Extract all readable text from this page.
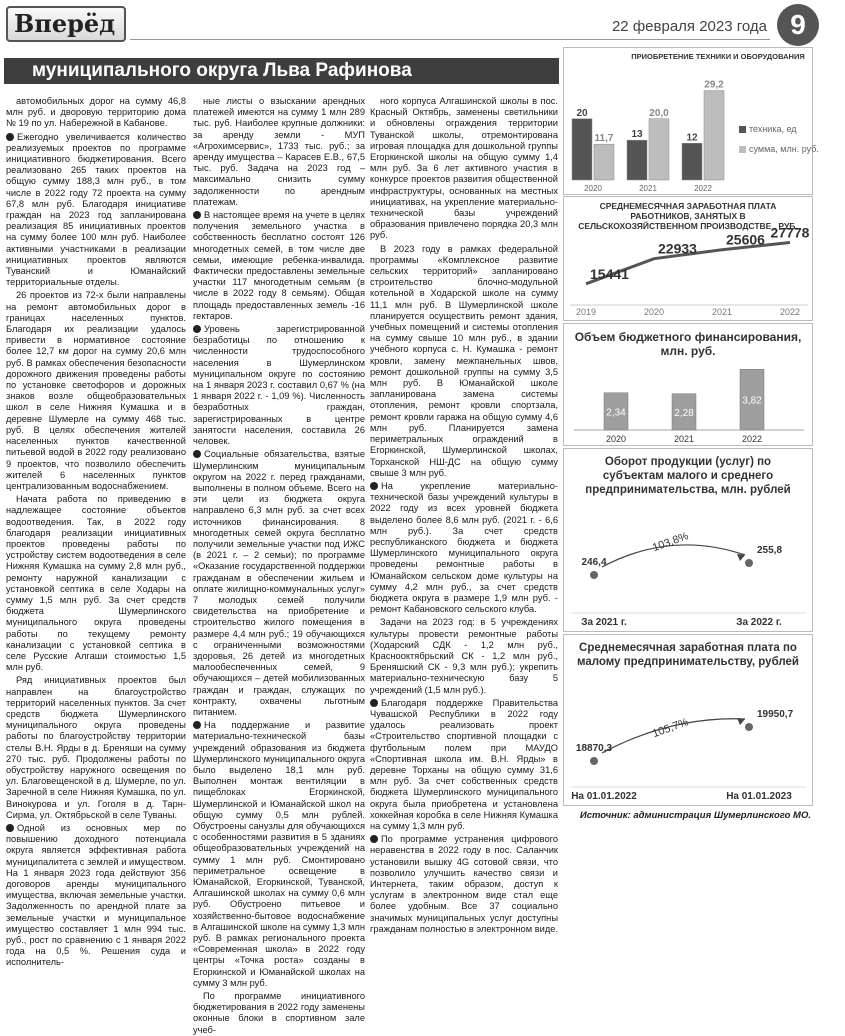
Вперёд	22 февраля 2023 года 9
муниципального округа Льва Рафинова

автомобильных дорог на сумму 46,8 млн руб. и дворовую территорию дома № 19 по ул. Набережной в Кабанове.

Ежегодно увеличивается количество реализуемых проектов по программе инициативного бюджетирования. Всего реализовано 265 таких проектов на общую сумму 188,3 млн руб., в том числе в 2022 году 72 проекта на сумму 67,8 млн руб. Благодаря инициативе граждан на 2023 год запланирована реализация 85 инициативных проектов на сумму более 100 млн руб. Наиболее активными участниками в реализации инициативных проектов являются Туванский и Юманайский территориальные отделы.

26 проектов из 72-х были направлены на ремонт автомобильных дорог в границах населенных пунктов. Благодаря их реализации удалось привести в нормативное состояние более 12,7 км дорог на сумму 20,6 млн руб. В рамках обеспечения безопасности дорожного движения проведены работы по установке светофоров и дорожных знаков возле общеобразовательных школ в селе Нижняя Кумашка и в деревне Шумерле на сумму 468 тыс. руб. В целях обеспечения жителей населенных пунктов качественной питьевой водой в 2022 году реализовано 9 проектов, что позволило обеспечить жителей 6 населенных пунктов централизованным водоснабжением.

Начата работа по приведению в надлежащее состояние объектов водоотведения. Так, в 2022 году благодаря реализации инициативных проектов проведены работы по устройству систем водоотведения в селе Нижняя Кумашка на сумму 2,8 млн руб., ремонту наружной канализации с установкой септика в селе Ходары на сумму 1,5 млн руб. За счет средств бюджета Шумерлинского муниципального округа проведены работы по текущему ремонту канализации с установкой септика в селе Русские Алгаши стоимостью 1,5 млн руб.

Ряд инициативных проектов был направлен на благоустройство территорий населенных пунктов. За счет средств бюджета Шумерлинского муниципального округа проведены работы по благоустройству территории стелы В.Н. Ярды в д. Бреняши на сумму 270 тыс. руб. Продолжены работы по обустройству наружного освещения по ул. Благовещенской в д. Шумерле, по ул. Заречной в селе Нижняя Кумашка, по ул. Винокурова и ул. Гоголя в д. Тарн-Сирма, ул. Октябрьской в селе Туваны.

Одной из основных мер по повышению доходного потенциала округа является эффективная работа муниципалитета с землей и имуществом. На 1 января 2023 года действуют 356 договоров аренды муниципального имущества, включая земельные участки. Задолженность по арендной плате за земельные участки и муниципальное имущество составляет 1 млн 994 тыс. руб., рост по сравнению с 1 января 2022 года на 0,5 %. Решения суда и исполнитель-

ные листы о взыскании арендных платежей имеются на сумму 1 млн 289 тыс. руб. Наиболее крупные должники: за аренду земли - МУП «Агрохимсервис», 1733 тыс. руб.; за аренду имущества – Карасев Е.В., 67,5 тыс. руб. Задача на 2023 год – максимально снизить сумму задолженности по арендным платежам.

В настоящее время на учете в целях получения земельного участка в собственность бесплатно состоят 126 многодетных семей, в том числе две семьи, имеющие ребенка-инвалида. Фактически предоставлены земельные участки 117 многодетным семьям (в числе в 2022 году 8 семьям). Общая площадь предоставленных земель -16 гектаров.

Уровень зарегистрированной безработицы по отношению к численности трудоспособного населения в Шумерлинском муниципальном округе по состоянию на 1 января 2023 г. составил 0,67 % (на 1 января 2022 г. - 1,09 %). Численность безработных граждан, зарегистрированных в центре занятости населения, составила 26 человек.

Социальные обязательства, взятые Шумерлинским муниципальным округом на 2022 г. перед гражданами, выполнены в полном объеме. Всего на эти цели из бюджета округа направлено 6,3 млн руб. за счет всех источников финансирования. 8 многодетных семей округа бесплатно получили земельные участки под ИЖС (в 2021 г. – 2 семьи); по программе «Оказание государственной поддержки гражданам в обеспечении жильем и оплате жилищно-коммунальных услуг» 7 молодых семей получили свидетельства на приобретение и строительство жилого помещения в размере 4,4 млн руб.; 19 обучающихся с ограниченными возможностями здоровья, 26 детей из многодетных малообеспеченных семей, 9 обучающихся – детей мобилизованных граждан и граждан, служащих по контракту, охвачены льготным питанием.

На поддержание и развитие материально-технической базы учреждений образования из бюджета Шумерлинского муниципального округа было выделено 18,1 млн руб. Выполнен монтаж вентиляции в пищеблоках Егоркинской, Шумерлинской и Юманайской школ на общую сумму 0,5 млн рублей. Обустроены санузлы для обучающихся с особенностями развития в 5 зданиях общеобразовательных учреждений на сумму 1 млн руб. Смонтировано периметральное освещение в Юманайской, Егоркинской, Туванской, Алгашинской школах на сумму 0,6 млн руб. Обустроено питьевое и хозяйственно-бытовое водоснабжение в Алгашинской школе на сумму 1,3 млн руб. В рамках регионального проекта «Современная школа» в 2022 году центры «Точка роста» созданы в Егоркинской и Юманайской школах на сумму 3 млн руб.

По программе инициативного бюджетирования в 2022 году заменены оконные блоки в спортивном зале учеб-

ного корпуса Алгашинской школы в пос. Красный Октябрь, заменены светильники и обновлены ограждения территории Туванской школы, отремонтирована игровая площадка для дошкольной группы Егоркинской школы на общую сумму 1,4 млн руб. За 6 лет активного участия в конкурсе проектов развития общественной инфраструктуры, основанных на местных инициативах, на укрепление материально-технической базы учреждений образования привлечено порядка 20,3 млн руб.

В 2023 году в рамках федеральной программы «Комплексное развитие сельских территорий» запланировано строительство блочно-модульной котельной в Ходарской школе на сумму 11,1 млн руб. В Шумерлинской школе планируется осуществить ремонт здания, учебных помещений и системы отопления на сумму свыше 10 млн руб., в здании учебного корпуса с. Н. Кумашка - ремонт кровли, замену межпанельных швов, ремонт дошкольной группы на сумму 3,5 млн руб. В Юманайской школе запланирована замена системы отопления, ремонт кровли спортзала, ремонт кровли гаража на общую сумму 4,6 млн руб. Планируется замена периметральных ограждений в Егоркинской, Шумерлинской школах, Торханской НШ-ДС на общую сумму свыше 3 млн руб.

На укрепление материально-технической базы учреждений культуры в 2022 году из всех уровней бюджета выделено более 8,6 млн руб. (2021 г. - 6,6 млн руб.). За счет средств республиканского бюджета и бюджета Шумерлинского муниципального округа проведены ремонтные работы в Юманайском сельском доме культуры на сумму 4,2 млн руб., за счет средств бюджета округа в размере 1,9 млн руб. - ремонт Кабановского сельского клуба.

Задачи на 2023 год: в 5 учреждениях культуры провести ремонтные работы (Ходарский СДК - 1,2 млн руб., Краснооктябрьский СК - 1,2 млн руб., Бреняшский СК - 9,3 млн руб.); укрепить материально-техническую базу 5 учреждений (1,5 млн руб.).

Благодаря поддержке Правительства Чувашской Республики в 2022 году удалось реализовать проект «Строительство спортивной площадки с футбольным полем при МАУДО «Спортивная школа им. В.Н. Ярды» в деревне Торханы на общую сумму 31,6 млн руб. За счет собственных средств бюджета Шумерлинского муниципального округа была приобретена и установлена хоккейная коробка в селе Нижняя Кумашка на сумму 1,3 млн руб.

По программе устранения цифрового неравенства в 2022 году в пос. Саланчик установили вышку 4G сотовой связи, что позволило улучшить качество связи и Интернета, таким образом, доступ к услугам в электронном виде стал еще более удобным. Все 37 социально значимых муниципальных услуг доступны гражданам полностью в электронном виде.

ПРИОБРЕТЕНИЕ ТЕХНИКИ И ОБОРУДОВАНИЯ
20
11,7
2020
13
20,0
2021
12
29,2
2022
техника, ед
сумма, млн. руб.
СРЕДНЕМЕСЯЧНАЯ ЗАРАБОТНАЯ ПЛАТА РАБОТНИКОВ, ЗАНЯТЫХ В СЕЛЬСКОХОЗЯЙСТВЕННОМ ПРОИЗВОДСТВЕ , РУБ.
15441
2019
22933
2020
25606
2021
27778
2022
Объем бюджетного финансирования, млн. руб.
2,34
2020
2,28
2021
3,82
2022
Оборот продукции (услуг) по субъектам малого и среднего предпринимательства, млн. рублей
103,8%
246,4
За 2021 г.
255,8
За 2022 г.
Среднемесячная заработная плата по малому предпринимательству, рублей
105,7%
18870,3
На 01.01.2022
19950,7
На 01.01.2023
Источник: администрация Шумерлинского МО.
